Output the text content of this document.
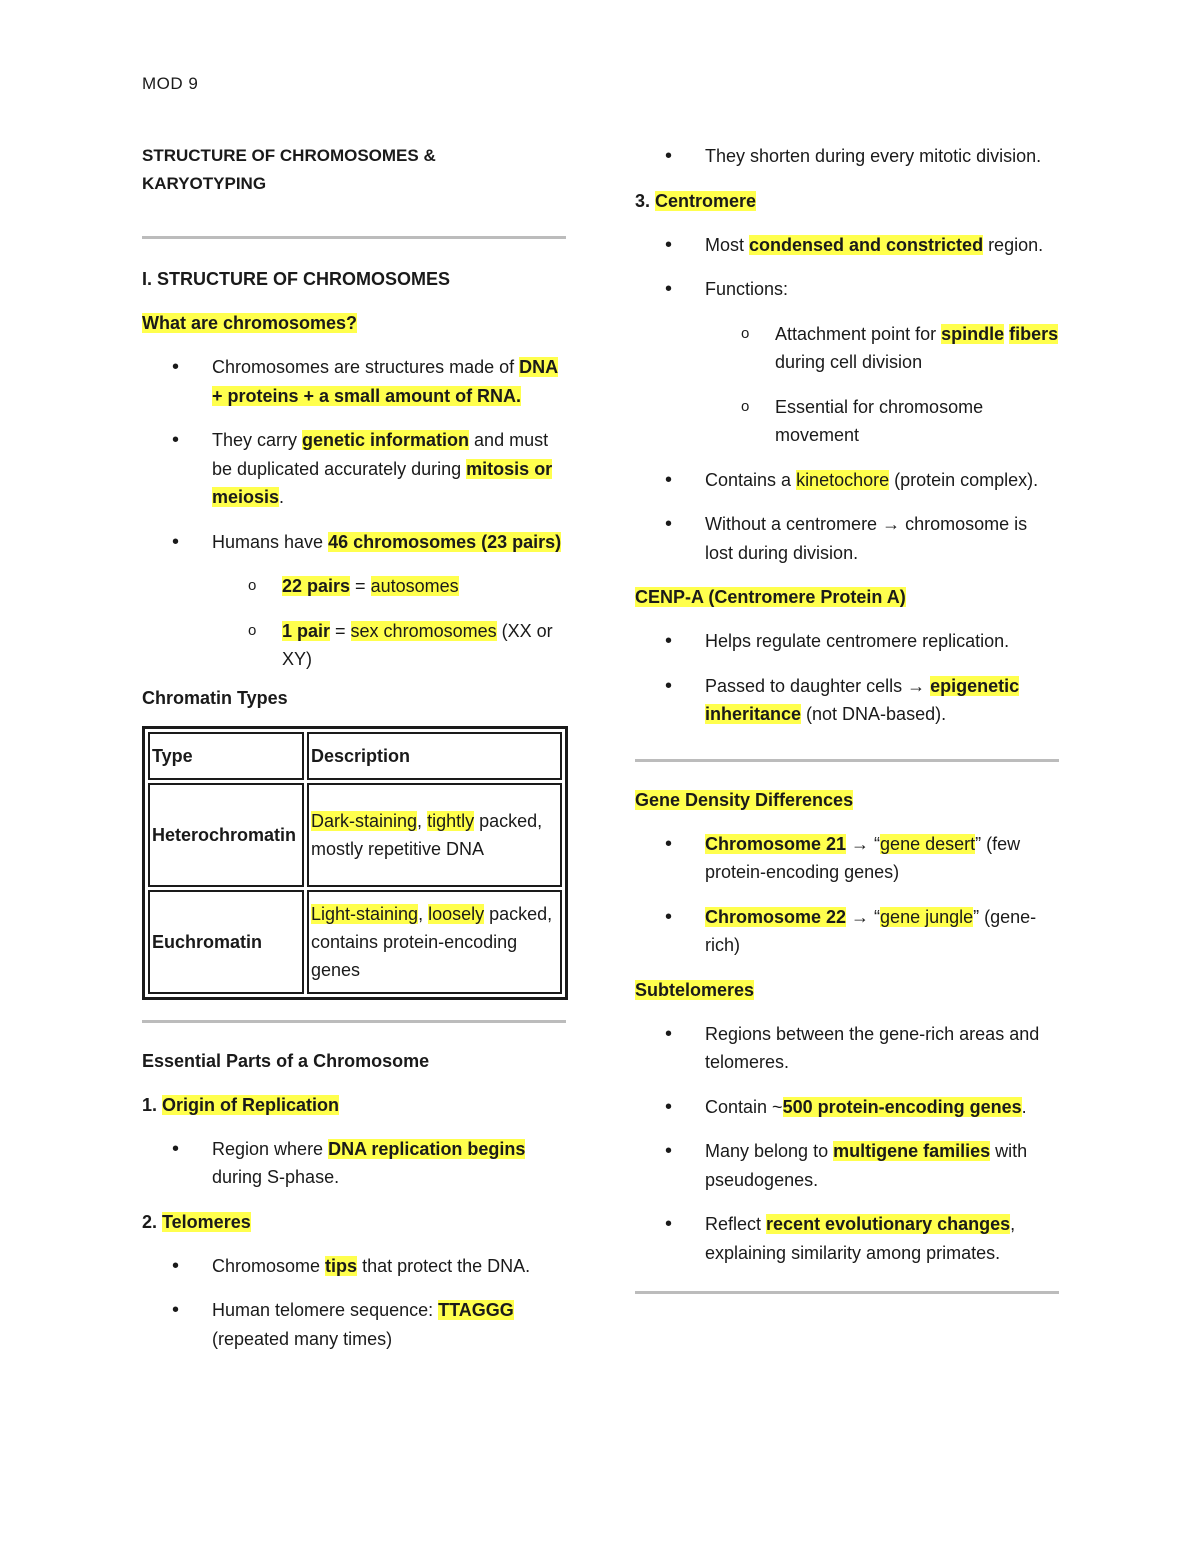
MOD 9

STRUCTURE OF CHROMOSOMES &
KARYOTYPING

I. STRUCTURE OF CHROMOSOMES

What are chromosomes?

• Chromosomes are structures made of DNA + proteins + a small amount of RNA.
• They carry genetic information and must be duplicated accurately during mitosis or meiosis.
• Humans have 46 chromosomes (23 pairs)
o 22 pairs = autosomes
o 1 pair = sex chromosomes (XX or XY)

Chromatin Types

Type	Description
Heterochromatin	Dark-staining, tightly packed, mostly repetitive DNA
Euchromatin	Light-staining, loosely packed, contains protein-encoding genes

Essential Parts of a Chromosome

1. Origin of Replication

• Region where DNA replication begins during S-phase.

2. Telomeres

• Chromosome tips that protect the DNA.
• Human telomere sequence: TTAGGG (repeated many times)
• They shorten during every mitotic division.

3. Centromere

• Most condensed and constricted region.
• Functions:
o Attachment point for spindle fibers during cell division
o Essential for chromosome movement
• Contains a kinetochore (protein complex).
• Without a centromere → chromosome is lost during division.

CENP-A (Centromere Protein A)

• Helps regulate centromere replication.
• Passed to daughter cells → epigenetic inheritance (not DNA-based).

Gene Density Differences

• Chromosome 21 → “gene desert” (few protein-encoding genes)
• Chromosome 22 → “gene jungle” (gene-rich)

Subtelomeres

• Regions between the gene-rich areas and telomeres.
• Contain ~500 protein-encoding genes.
• Many belong to multigene families with pseudogenes.
• Reflect recent evolutionary changes, explaining similarity among primates.
